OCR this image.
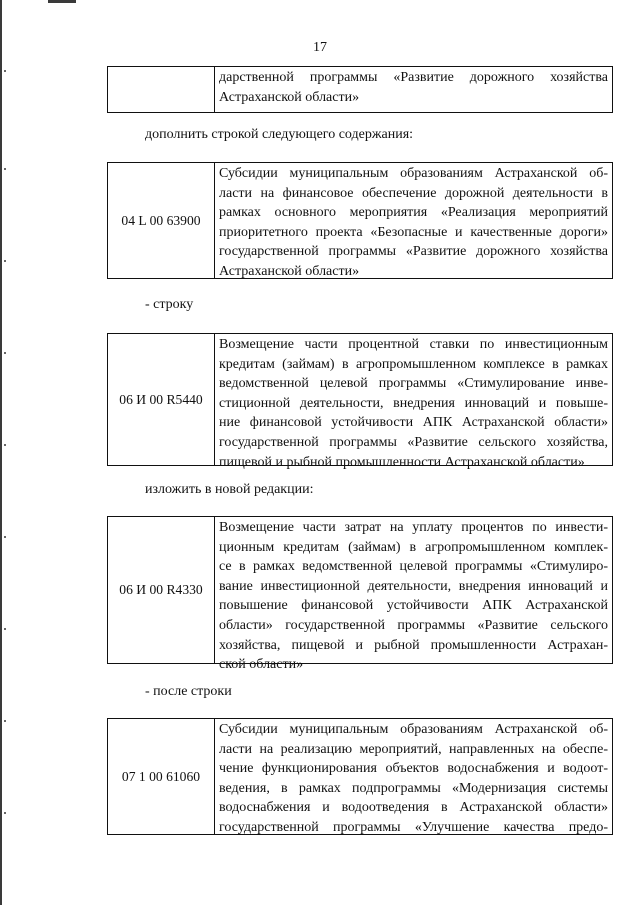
17
дарственной программы «Развитие дорожного хозяйства
Астраханской области»
дополнить строкой следующего содержания:
04 L 00 63900
Субсидии муниципальным образованиям Астраханской об-
ласти на финансовое обеспечение дорожной деятельности в
рамках основного мероприятия «Реализация мероприятий
приоритетного проекта «Безопасные и качественные дороги»
государственной программы «Развитие дорожного хозяйства
Астраханской области»
- строку
06 И 00 R5440
Возмещение части процентной ставки по инвестиционным
кредитам (займам) в агропромышленном комплексе в рамках
ведомственной целевой программы «Стимулирование инве-
стиционной деятельности, внедрения инноваций и повыше-
ние финансовой устойчивости АПК Астраханской области»
государственной программы «Развитие сельского хозяйства,
пищевой и рыбной промышленности Астраханской области»
изложить в новой редакции:
06 И 00 R4330
Возмещение части затрат на уплату процентов по инвести-
ционным кредитам (займам) в агропромышленном комплек-
се в рамках ведомственной целевой программы «Стимулиро-
вание инвестиционной деятельности, внедрения инноваций и
повышение финансовой устойчивости АПК Астраханской
области» государственной программы «Развитие сельского
хозяйства, пищевой и рыбной промышленности Астрахан-
ской области»
- после строки
07 1 00 61060
Субсидии муниципальным образованиям Астраханской об-
ласти на реализацию мероприятий, направленных на обеспе-
чение функционирования объектов водоснабжения и водоот-
ведения, в рамках подпрограммы «Модернизация системы
водоснабжения и водоотведения в Астраханской области»
государственной программы «Улучшение качества предо-
